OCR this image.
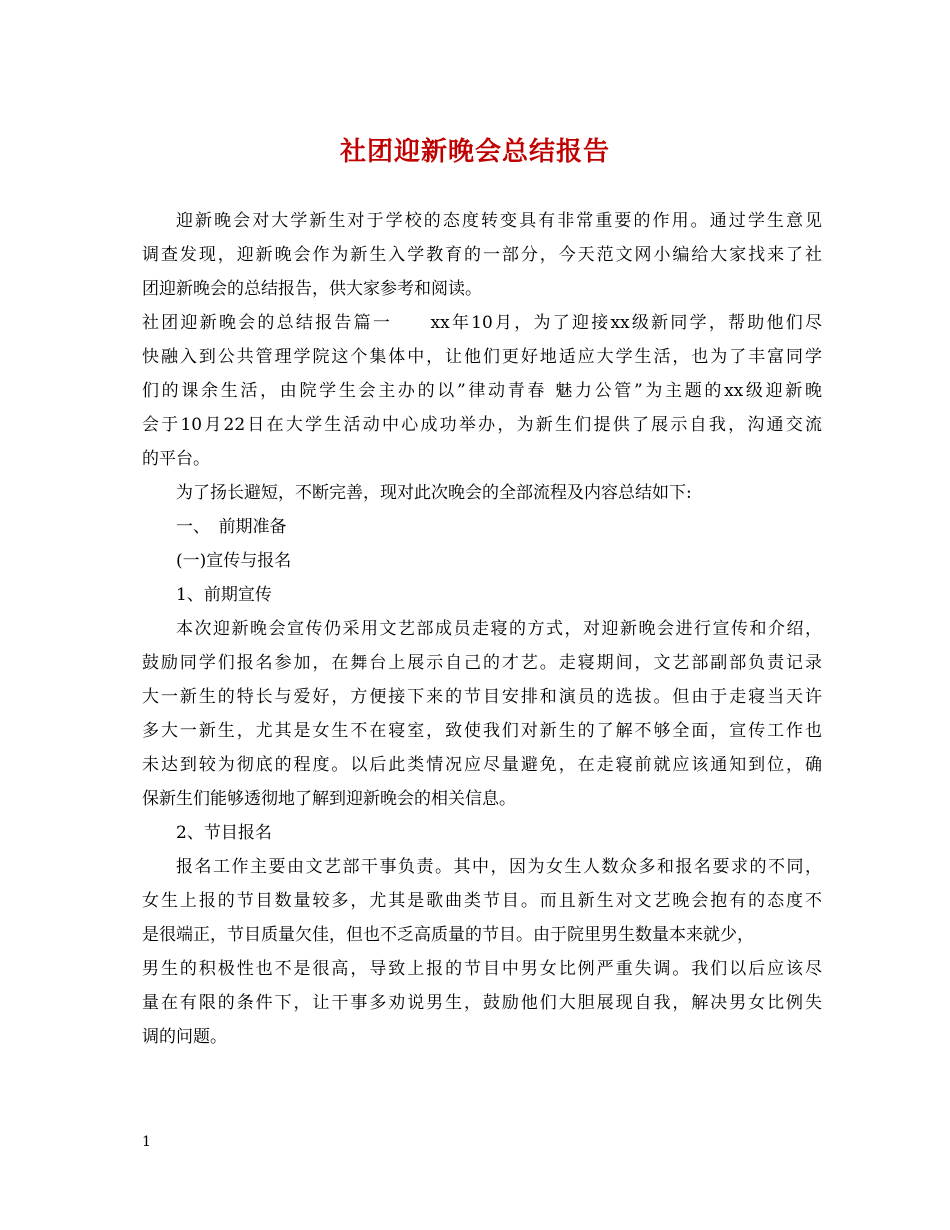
社团迎新晚会总结报告
迎新晚会对大学新生对于学校的态度转变具有非常重要的作用。通过学生意见
调查发现，迎新晚会作为新生入学教育的一部分，今天范文网小编给大家找来了社
团迎新晚会的总结报告，供大家参考和阅读。
社团迎新晚会的总结报告篇一　　xx年10月，为了迎接xx级新同学，帮助他们尽
快融入到公共管理学院这个集体中，让他们更好地适应大学生活，也为了丰富同学
们的课余生活，由院学生会主办的以”律动青春 魅力公管”为主题的xx级迎新晚
会于10月22日在大学生活动中心成功举办，为新生们提供了展示自我，沟通交流
的平台。
为了扬长避短，不断完善，现对此次晚会的全部流程及内容总结如下:
一、　前期准备
(一)宣传与报名
1、前期宣传
本次迎新晚会宣传仍采用文艺部成员走寝的方式，对迎新晚会进行宣传和介绍，
鼓励同学们报名参加，在舞台上展示自己的才艺。走寝期间，文艺部副部负责记录
大一新生的特长与爱好，方便接下来的节目安排和演员的选拔。但由于走寝当天许
多大一新生，尤其是女生不在寝室，致使我们对新生的了解不够全面，宣传工作也
未达到较为彻底的程度。以后此类情况应尽量避免，在走寝前就应该通知到位，确
保新生们能够透彻地了解到迎新晚会的相关信息。
2、节目报名
报名工作主要由文艺部干事负责。其中，因为女生人数众多和报名要求的不同，
女生上报的节目数量较多，尤其是歌曲类节目。而且新生对文艺晚会抱有的态度不
是很端正，节目质量欠佳，但也不乏高质量的节目。由于院里男生数量本来就少，
男生的积极性也不是很高，导致上报的节目中男女比例严重失调。我们以后应该尽
量在有限的条件下，让干事多劝说男生，鼓励他们大胆展现自我，解决男女比例失
调的问题。
1
